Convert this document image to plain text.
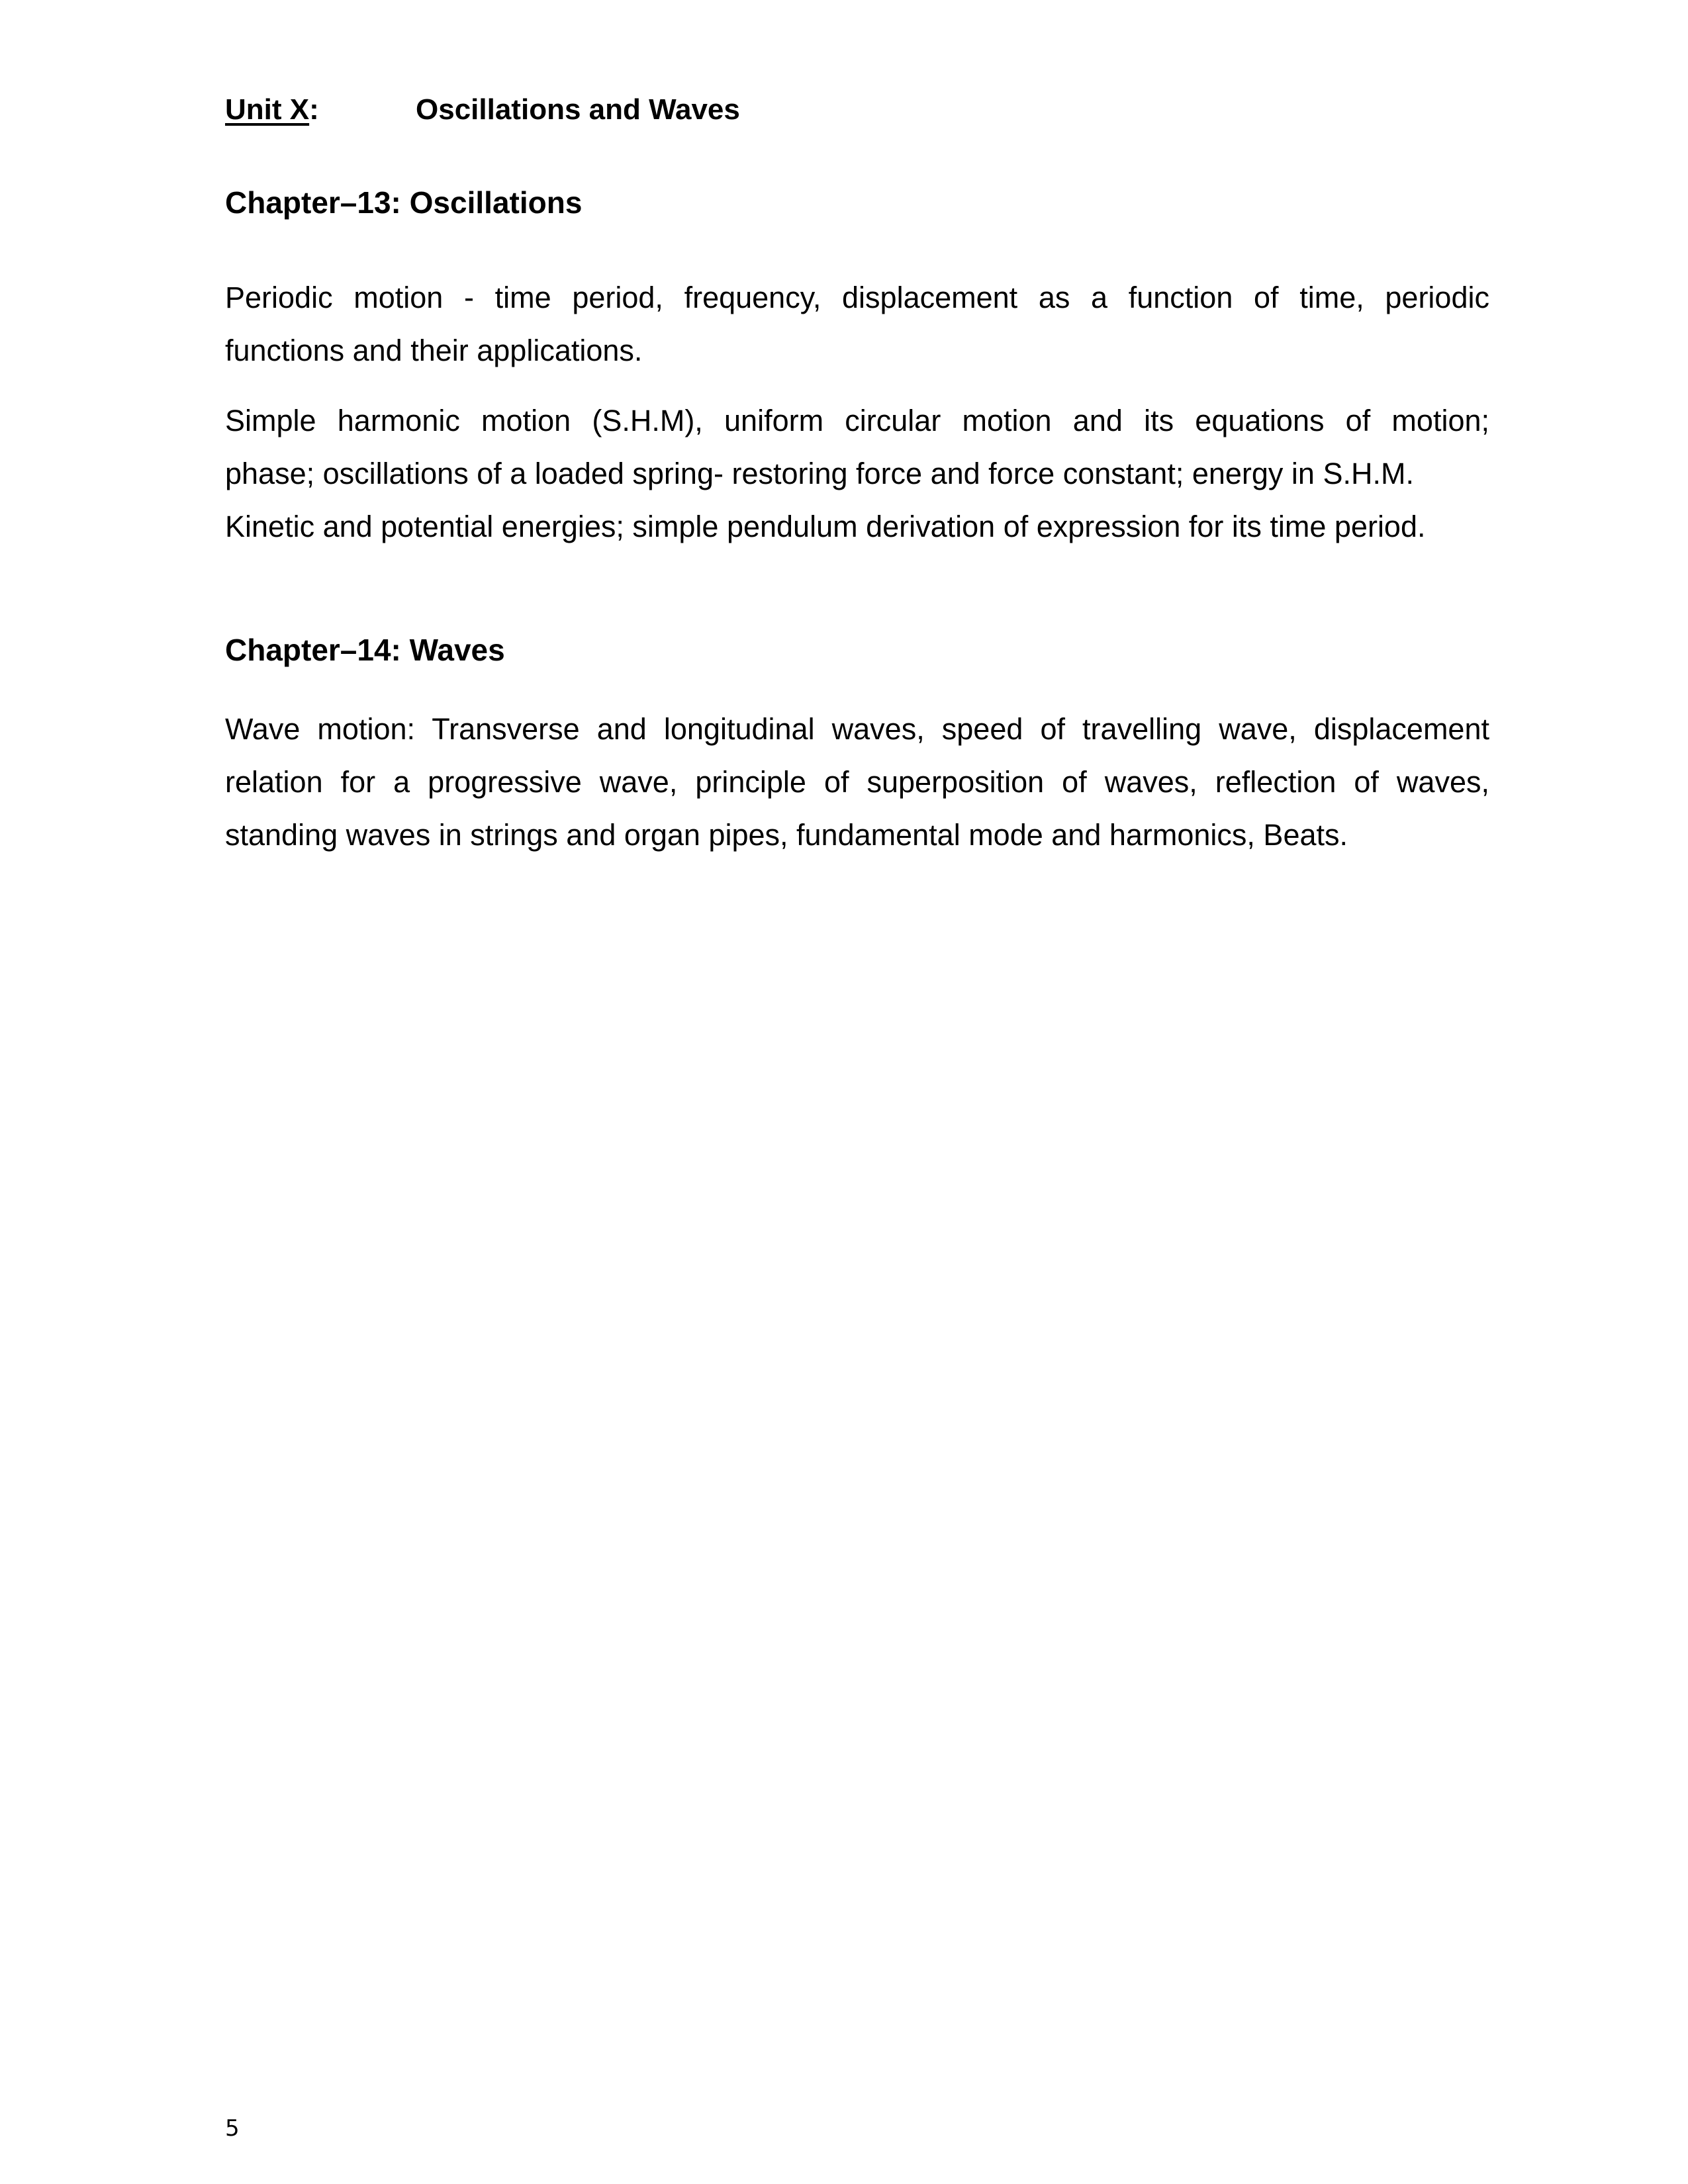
Unit X:	Oscillations and Waves
Chapter–13: Oscillations

Periodic motion - time period, frequency, displacement as a function of time, periodic
functions and their applications.

Simple harmonic motion (S.H.M), uniform circular motion and its equations of motion;
phase; oscillations of a loaded spring- restoring force and force constant; energy in S.H.M.
Kinetic and potential energies; simple pendulum derivation of expression for its time period.

Chapter–14: Waves

Wave motion: Transverse and longitudinal waves, speed of travelling wave, displacement
relation for a progressive wave, principle of superposition of waves, reflection of waves,
standing waves in strings and organ pipes, fundamental mode and harmonics, Beats.

5
